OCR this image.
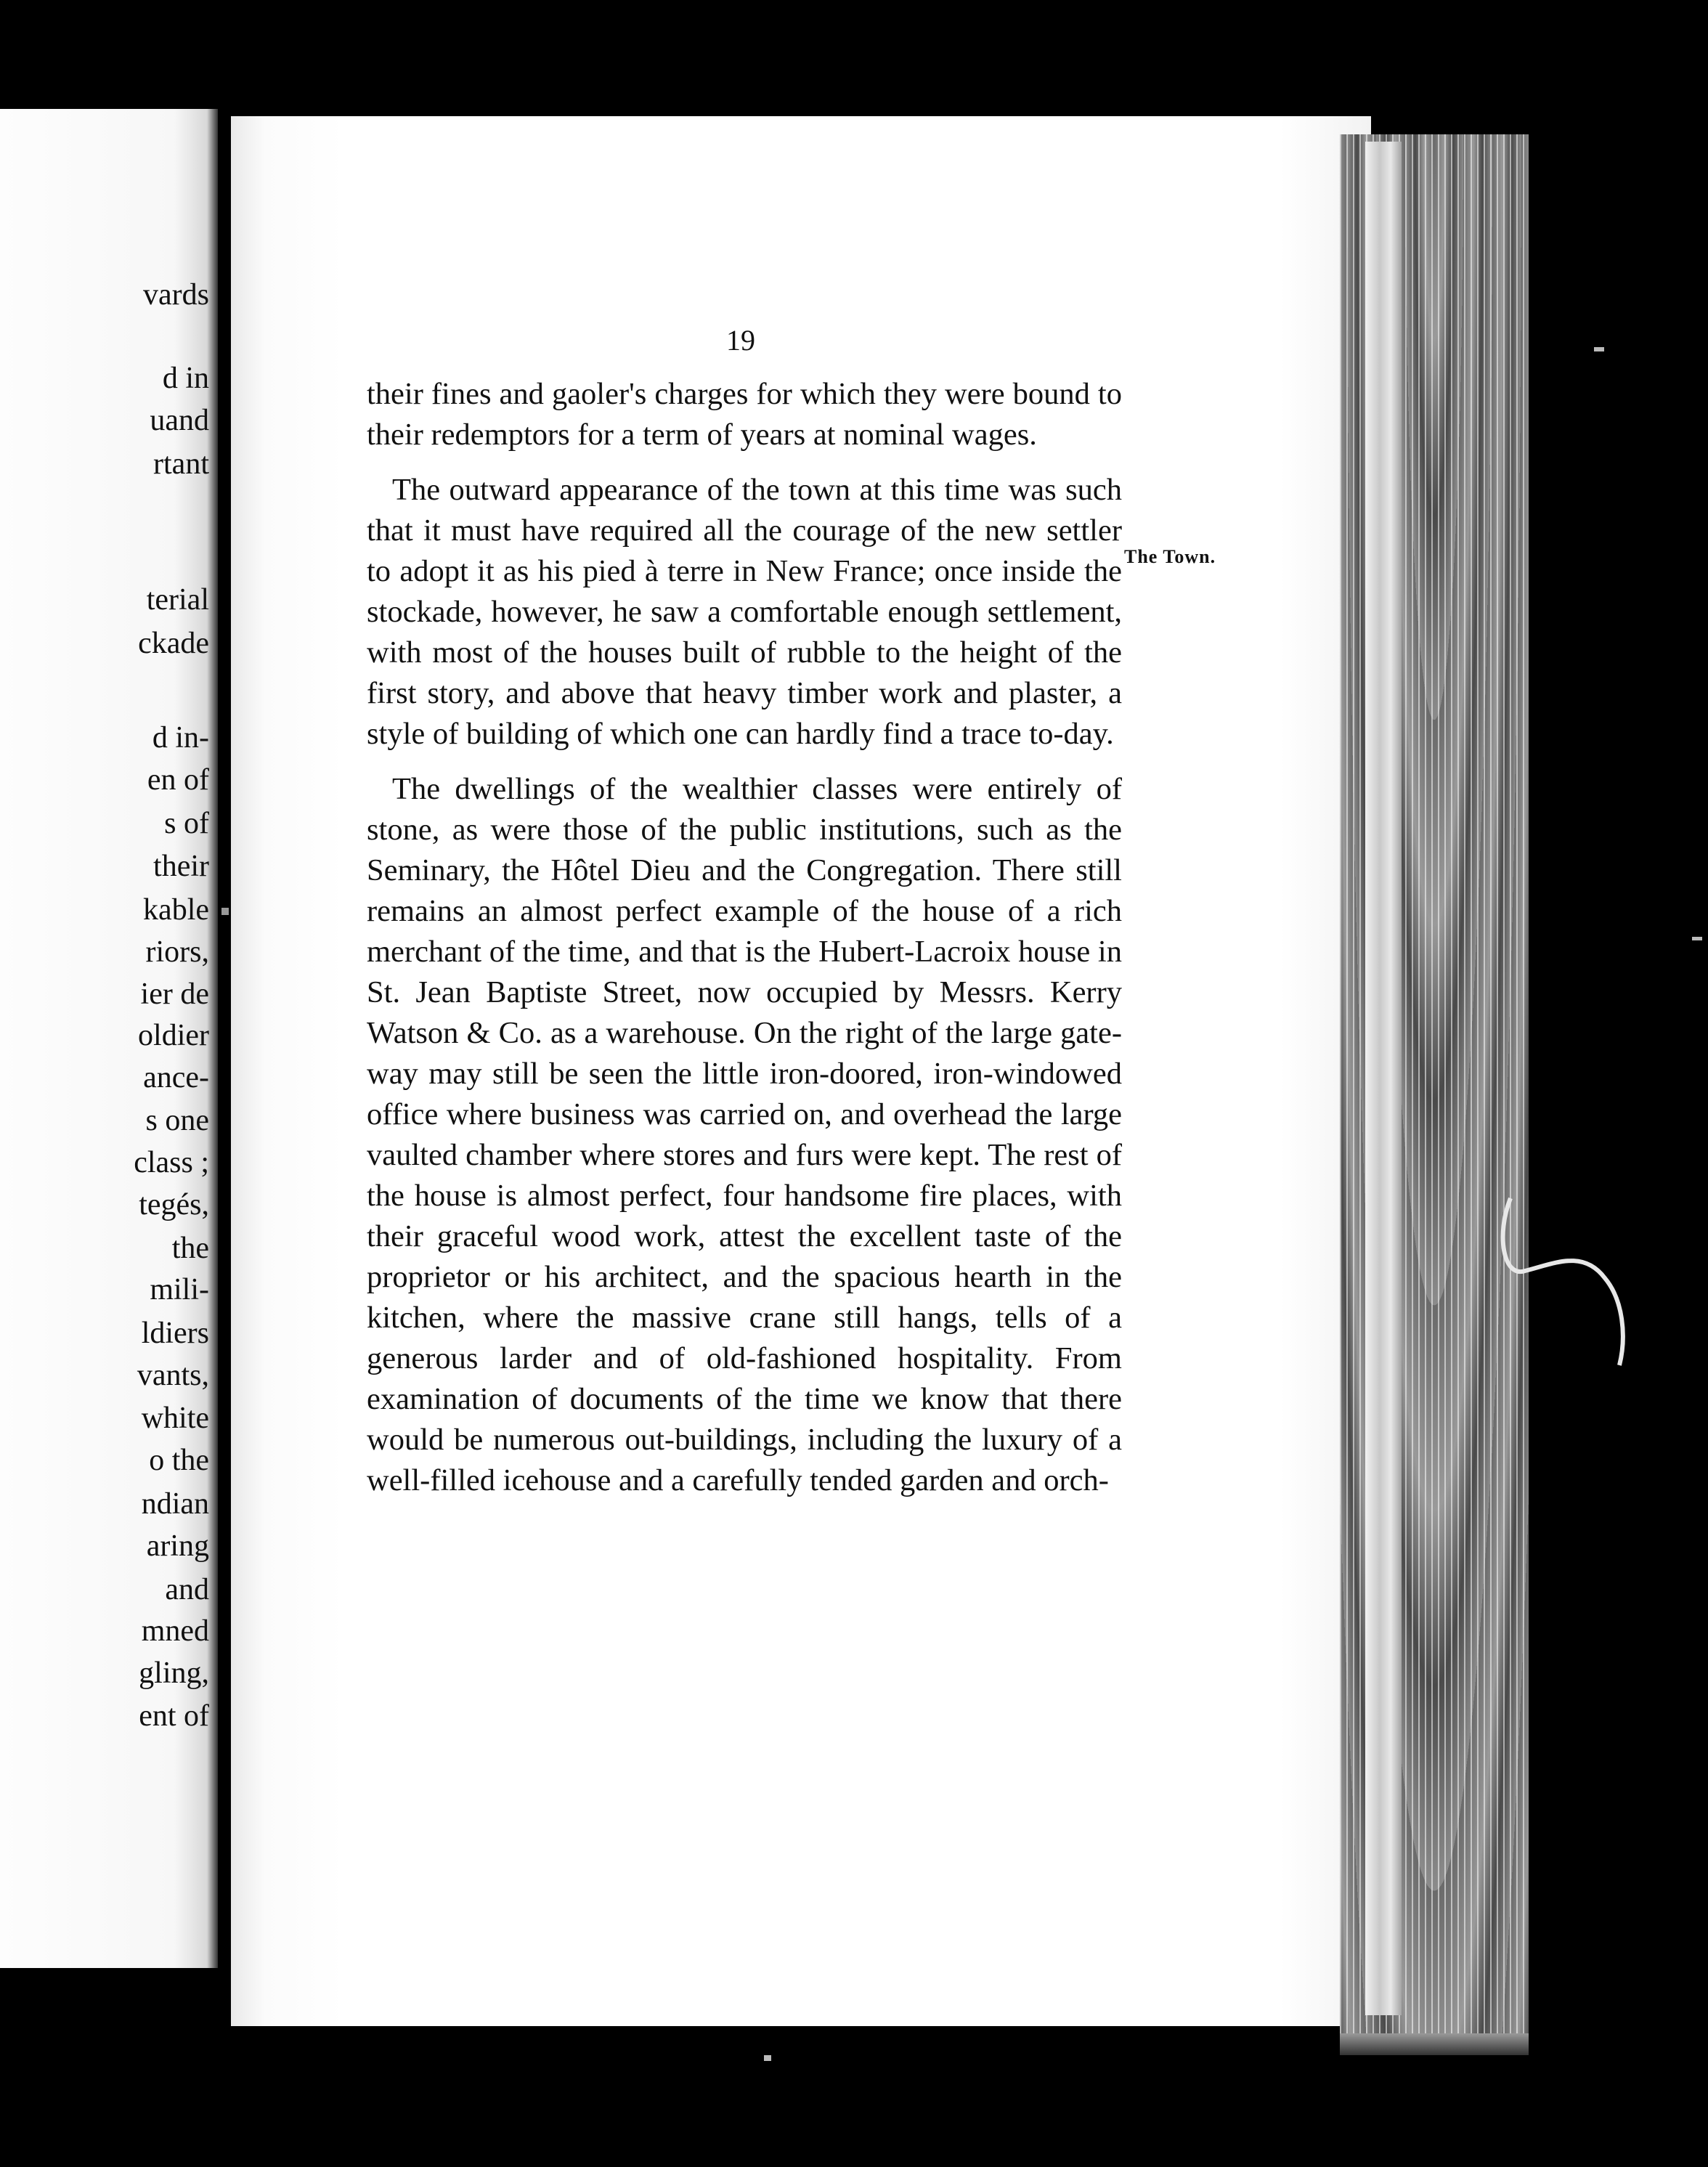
vards
d in
uand
rtant
terial
ckade
d in-
en of
s of
their
kable
riors,
ier de
oldier
ance-
s one
class ;
tegés,
the
mili-
ldiers
vants,
white
o the
ndian
aring
and
mned
gling,
ent of
19
The Town.

their fines and gaoler's charges for which they were bound to their redemptors for a term of years at nominal wages.

The outward appearance of the town at this time was such that it must have required all the courage of the new settler to adopt it as his pied à terre in New France; once inside the stockade, however, he saw a comfortable enough settlement, with most of the houses built of rubble to the height of the first story, and above that heavy timber work and plaster, a style of building of which one can hardly find a trace to-day.

The dwellings of the wealthier classes were entirely of stone, as were those of the public institutions, such as the Seminary, the Hôtel Dieu and the Congregation. There still remains an almost perfect example of the house of a rich merchant of the time, and that is the Hubert-Lacroix house in St. Jean Baptiste Street, now occupied by Messrs. Kerry Watson & Co. as a warehouse. On the right of the large gate-way may still be seen the little iron-doored, iron-windowed office where business was carried on, and overhead the large vaulted chamber where stores and furs were kept. The rest of the house is almost perfect, four handsome fire places, with their graceful wood work, attest the excellent taste of the proprietor or his architect, and the spacious hearth in the kitchen, where the massive crane still hangs, tells of a generous larder and of old-fashioned hospitality. From examination of documents of the time we know that there would be numerous out-buildings, including the luxury of a well-filled icehouse and a carefully tended garden and orch-
